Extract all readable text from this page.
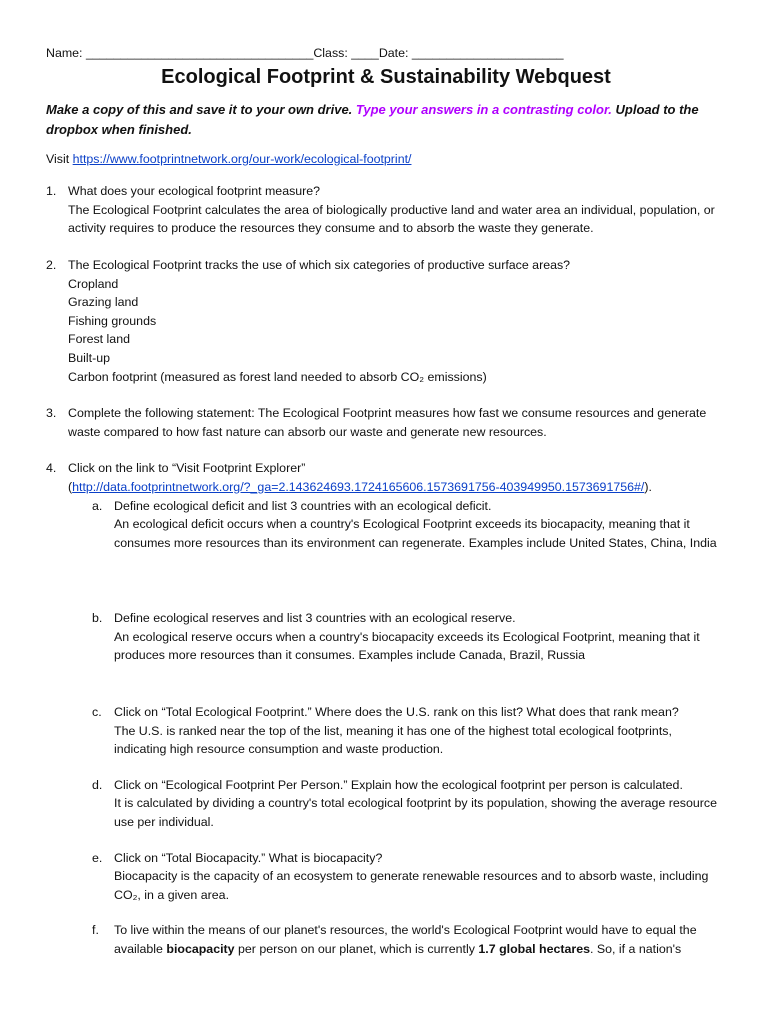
Name: _________________________________Class: ____Date: ______________________
Ecological Footprint & Sustainability Webquest
Make a copy of this and save it to your own drive. Type your answers in a contrasting color. Upload to the dropbox when finished.
Visit https://www.footprintnetwork.org/our-work/ecological-footprint/
1. What does your ecological footprint measure?
The Ecological Footprint calculates the area of biologically productive land and water area an individual, population, or activity requires to produce the resources they consume and to absorb the waste they generate.
2. The Ecological Footprint tracks the use of which six categories of productive surface areas?
Cropland
Grazing land
Fishing grounds
Forest land
Built-up
Carbon footprint (measured as forest land needed to absorb CO₂ emissions)
3. Complete the following statement: The Ecological Footprint measures how fast we consume resources and generate waste compared to how fast nature can absorb our waste and generate new resources.
4. Click on the link to “Visit Footprint Explorer”
(http://data.footprintnetwork.org/?_ga=2.143624693.1724165606.1573691756-403949950.1573691756#/).
a. Define ecological deficit and list 3 countries with an ecological deficit.
An ecological deficit occurs when a country's Ecological Footprint exceeds its biocapacity, meaning that it consumes more resources than its environment can regenerate. Examples include United States, China, India
b. Define ecological reserves and list 3 countries with an ecological reserve.
An ecological reserve occurs when a country's biocapacity exceeds its Ecological Footprint, meaning that it produces more resources than it consumes. Examples include Canada, Brazil, Russia
c. Click on “Total Ecological Footprint.” Where does the U.S. rank on this list? What does that rank mean?
The U.S. is ranked near the top of the list, meaning it has one of the highest total ecological footprints, indicating high resource consumption and waste production.
d. Click on “Ecological Footprint Per Person.” Explain how the ecological footprint per person is calculated.
It is calculated by dividing a country's total ecological footprint by its population, showing the average resource use per individual.
e. Click on “Total Biocapacity.” What is biocapacity?
Biocapacity is the capacity of an ecosystem to generate renewable resources and to absorb waste, including CO₂, in a given area.
f.	To live within the means of our planet's resources, the world's Ecological Footprint would have to equal the available biocapacity per person on our planet, which is currently 1.7 global hectares. So, if a nation's
